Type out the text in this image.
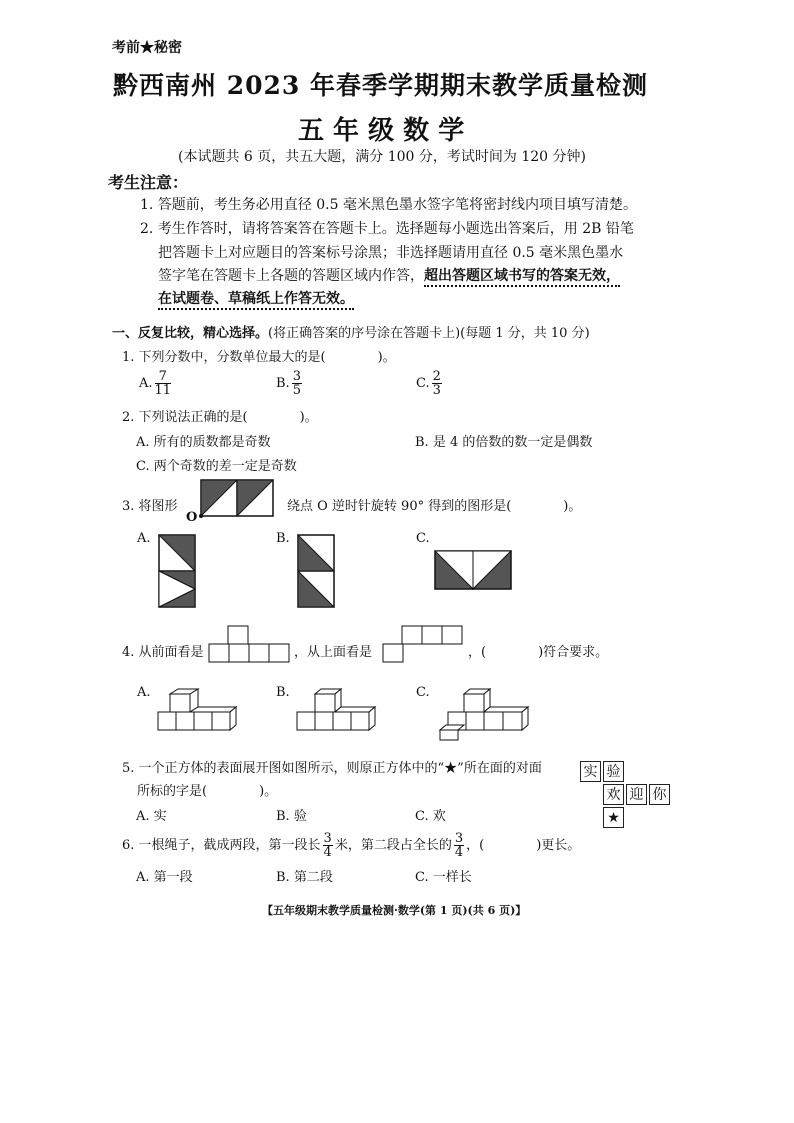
考前★秘密
黔西南州 2023 年春季学期期末教学质量检测
五 年 级 数 学
(本试题共 6 页，共五大题，满分 100 分，考试时间为 120 分钟)
考生注意：
1. 答题前，考生务必用直径 0.5 毫米黑色墨水签字笔将密封线内项目填写清楚。
2. 考生作答时，请将答案答在答题卡上。选择题每小题选出答案后，用 2B 铅笔
把答题卡上对应题目的答案标号涂黑；非选择题请用直径 0.5 毫米黑色墨水
签字笔在答题卡上各题的答题区域内作答，超出答题区域书写的答案无效，
在试题卷、草稿纸上作答无效。
一、反复比较，精心选择。(将正确答案的序号涂在答题卡上)(每题 1 分，共 10 分)
1. 下列分数中，分数单位最大的是(　　　　)。
A. $\frac{7}{11}$	B. $\frac{3}{5}$	C. $\frac{2}{3}$
2. 下列说法正确的是(　　　　)。
A. 所有的质数都是奇数	B. 是 4 的倍数的数一定是偶数
C. 两个奇数的差一定是奇数
3. 将图形
O
绕点 O 逆时针旋转 90° 得到的图形是(　　　　)。
A.	B.	C.
4. 从前面看是	，从上面看是	，(　　　　)符合要求。
A.	B.	C.
5. 一个正方体的表面展开图如图所示，则原正方体中的“★”所在面的对面
所标的字是(　　　　)。
A. 实	B. 验	C. 欢
实 验
欢 迎 你
★
6. 一根绳子，截成两段，第一段长 $\frac{3}{4}$ 米，第二段占全长的 $\frac{3}{4}$ ，(　　　　)更长。
A. 第一段	B. 第二段	C. 一样长
【五年级期末教学质量检测·数学(第 1 页)(共 6 页)】
